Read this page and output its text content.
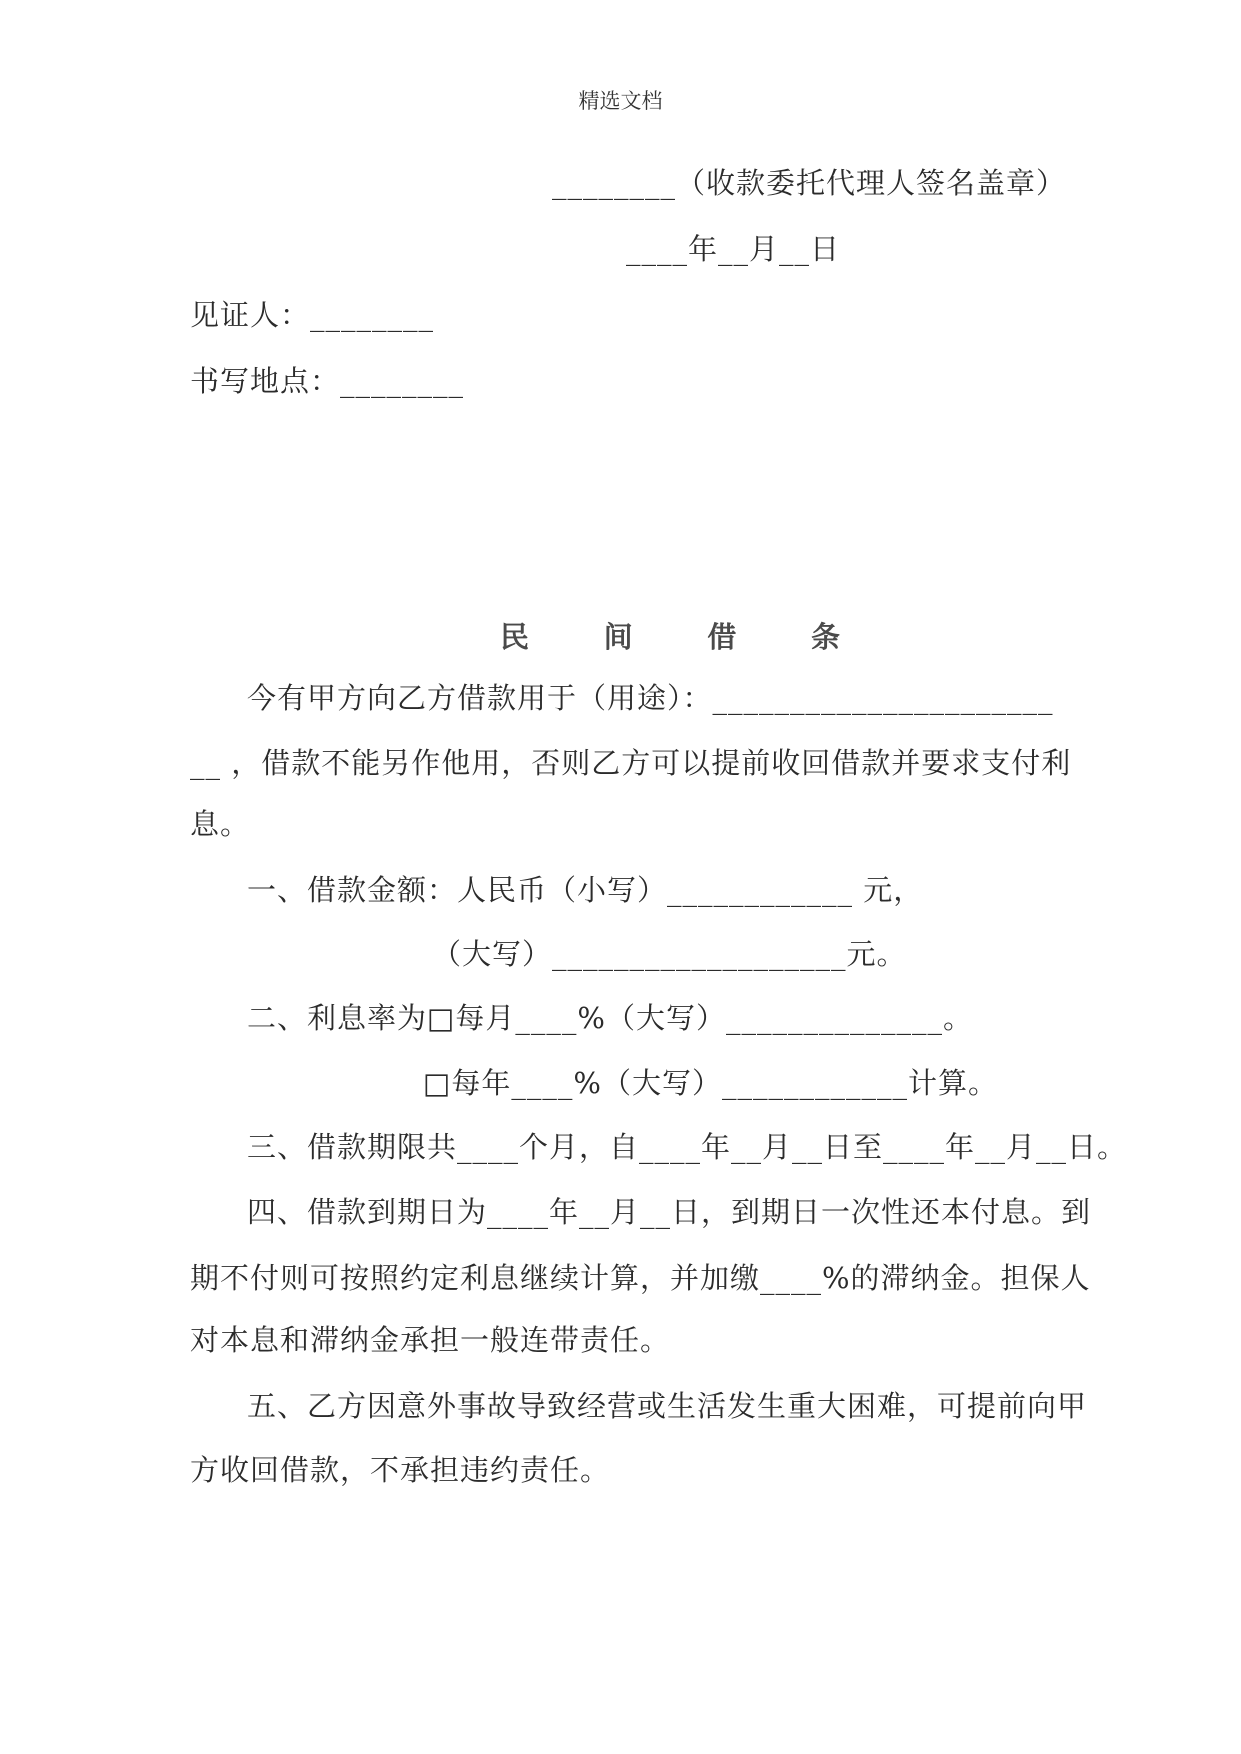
精选文档
________（收款委托代理人签名盖章）
____年__月__日
见证人：________
书写地点：________
民	间	借	条
今有甲方向乙方借款用于（用途）：______________________
__ ，借款不能另作他用，否则乙方可以提前收回借款并要求支付利
息。
一、借款金额：人民币（小写）____________ 元，
（大写）___________________元。
二、利息率为□每月____%（大写）______________。
□每年____%（大写）____________计算。
三、借款期限共____个月，自____年__月__日至____年__月__日。
四、借款到期日为____年__月__日，到期日一次性还本付息。到
期不付则可按照约定利息继续计算，并加缴____%的滞纳金。担保人
对本息和滞纳金承担一般连带责任。
五、乙方因意外事故导致经营或生活发生重大困难，可提前向甲
方收回借款，不承担违约责任。
